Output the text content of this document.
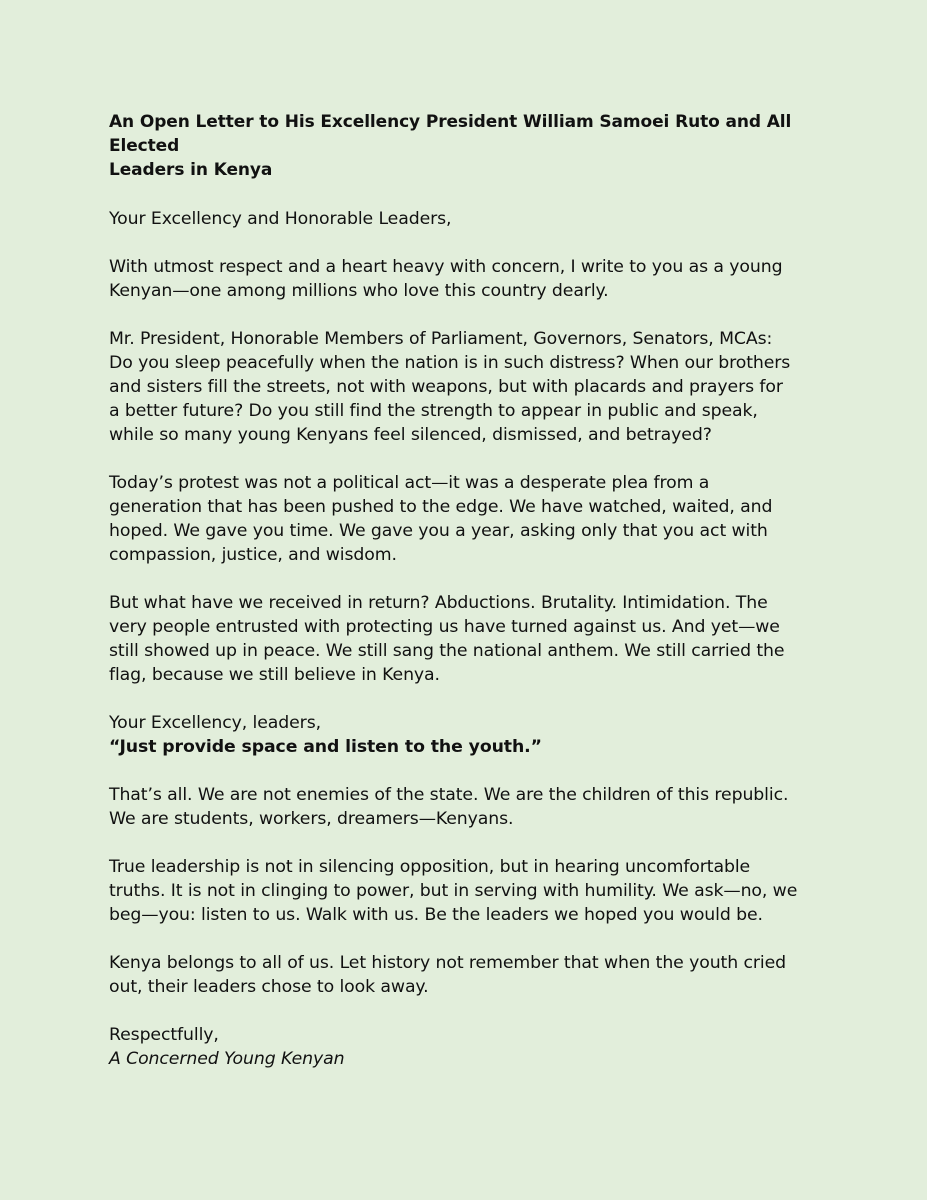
An Open Letter to His Excellency President William Samoei Ruto and All Elected
Leaders in Kenya

Your Excellency and Honorable Leaders,

With utmost respect and a heart heavy with concern, I write to you as a young
Kenyan—one among millions who love this country dearly.

Mr. President, Honorable Members of Parliament, Governors, Senators, MCAs:
Do you sleep peacefully when the nation is in such distress? When our brothers
and sisters fill the streets, not with weapons, but with placards and prayers for
a better future? Do you still find the strength to appear in public and speak,
while so many young Kenyans feel silenced, dismissed, and betrayed?

Today’s protest was not a political act—it was a desperate plea from a
generation that has been pushed to the edge. We have watched, waited, and
hoped. We gave you time. We gave you a year, asking only that you act with
compassion, justice, and wisdom.

But what have we received in return? Abductions. Brutality. Intimidation. The
very people entrusted with protecting us have turned against us. And yet—we
still showed up in peace. We still sang the national anthem. We still carried the
flag, because we still believe in Kenya.

Your Excellency, leaders,
“Just provide space and listen to the youth.”

That’s all. We are not enemies of the state. We are the children of this republic.
We are students, workers, dreamers—Kenyans.

True leadership is not in silencing opposition, but in hearing uncomfortable
truths. It is not in clinging to power, but in serving with humility. We ask—no, we
beg—you: listen to us. Walk with us. Be the leaders we hoped you would be.

Kenya belongs to all of us. Let history not remember that when the youth cried
out, their leaders chose to look away.

Respectfully,
A Concerned Young Kenyan
